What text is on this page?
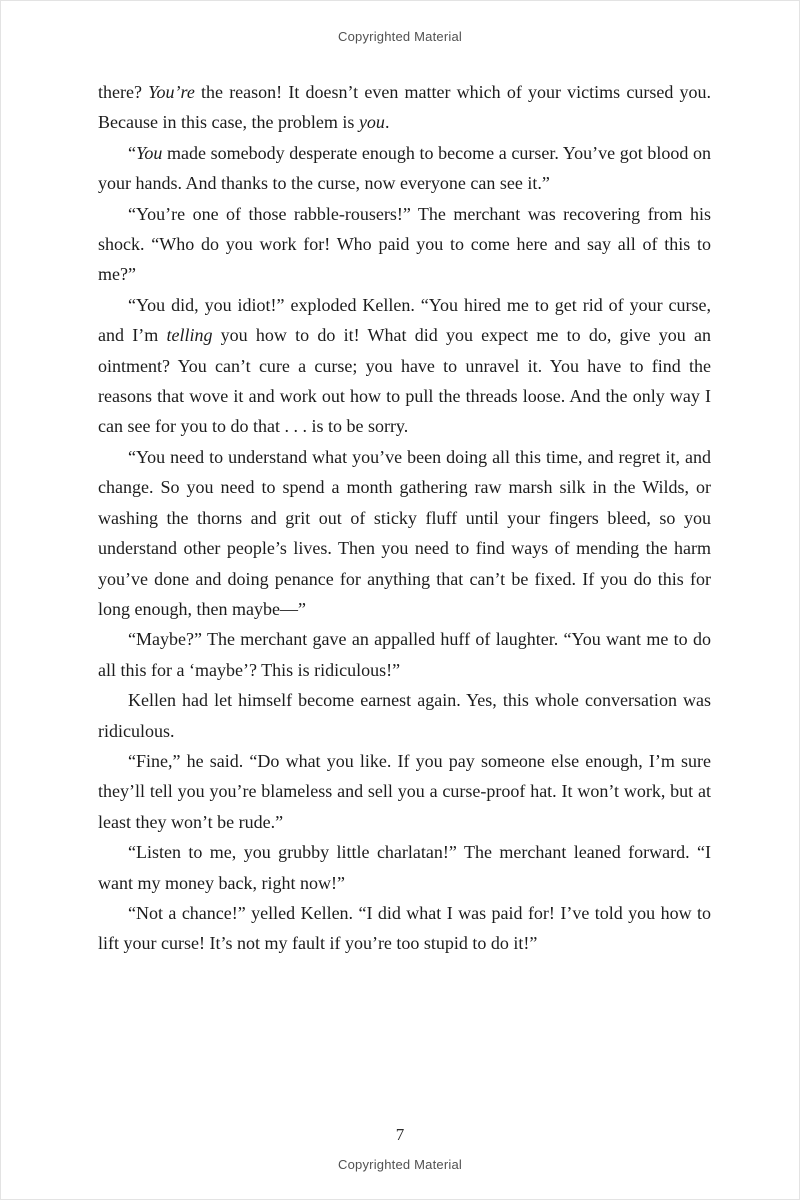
Copyrighted Material

there? You’re the reason! It doesn’t even matter which of your victims cursed you. Because in this case, the problem is you.

“You made somebody desperate enough to become a curser. You’ve got blood on your hands. And thanks to the curse, now everyone can see it.”

“You’re one of those rabble-rousers!” The merchant was recovering from his shock. “Who do you work for! Who paid you to come here and say all of this to me?”

“You did, you idiot!” exploded Kellen. “You hired me to get rid of your curse, and I’m telling you how to do it! What did you expect me to do, give you an ointment? You can’t cure a curse; you have to unravel it. You have to find the reasons that wove it and work out how to pull the threads loose. And the only way I can see for you to do that . . . is to be sorry.

“You need to understand what you’ve been doing all this time, and regret it, and change. So you need to spend a month gathering raw marsh silk in the Wilds, or washing the thorns and grit out of sticky fluff until your fingers bleed, so you understand other people’s lives. Then you need to find ways of mending the harm you’ve done and doing penance for anything that can’t be fixed. If you do this for long enough, then maybe—”

“Maybe?” The merchant gave an appalled huff of laughter. “You want me to do all this for a ‘maybe’? This is ridiculous!”

Kellen had let himself become earnest again. Yes, this whole conversation was ridiculous.

“Fine,” he said. “Do what you like. If you pay someone else enough, I’m sure they’ll tell you you’re blameless and sell you a curse-proof hat. It won’t work, but at least they won’t be rude.”

“Listen to me, you grubby little charlatan!” The merchant leaned forward. “I want my money back, right now!”

“Not a chance!” yelled Kellen. “I did what I was paid for! I’ve told you how to lift your curse! It’s not my fault if you’re too stupid to do it!”

7
Copyrighted Material
